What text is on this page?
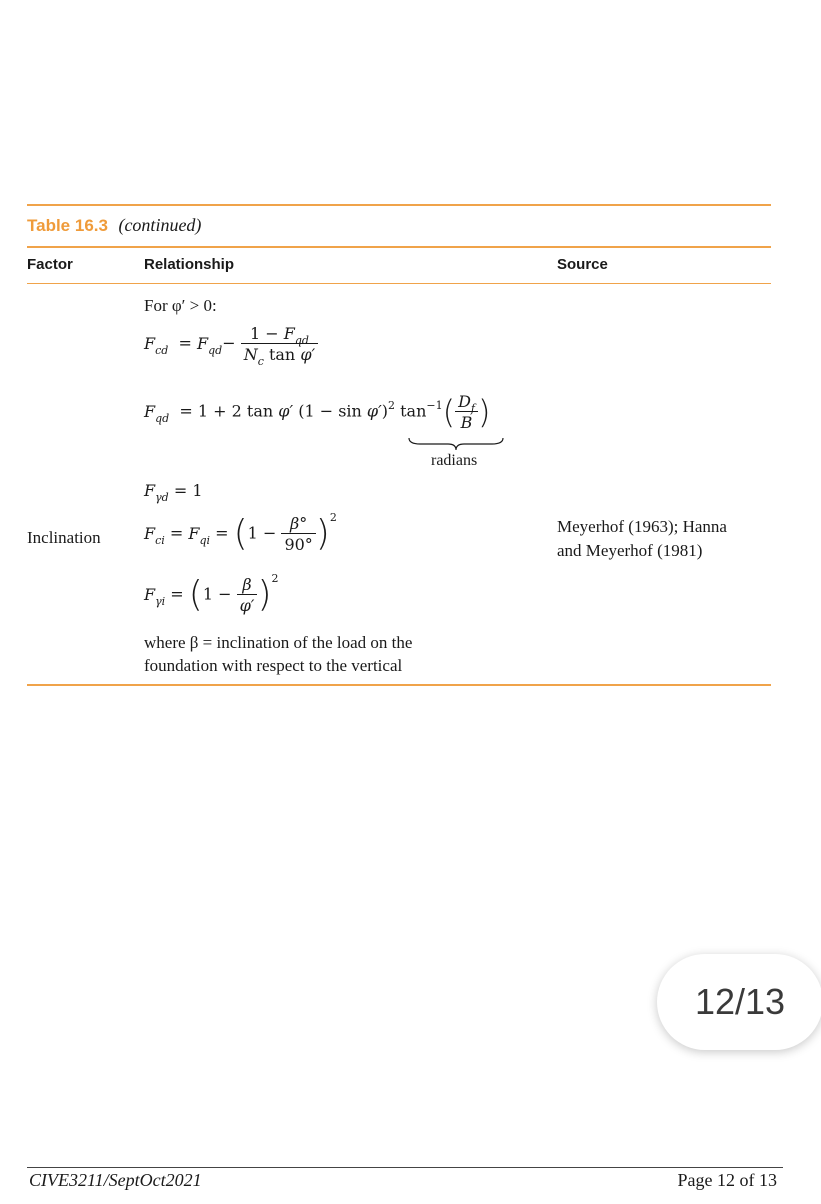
Table 16.3 (continued)
Factor	Relationship	Source
For φ′ > 0:
$F_{cd} = F_{qd}- \frac{1 - F_{qd}}{N_c \tan \varphi'}$
$F_{qd} = 1 + 2$ tan φ′ $(1 - \sin \varphi')^2$ $\tan^{-1}( \frac{D_f}{B}$ )
radians
$F_{\gamma d} = 1$
Inclination	$F_{ci} = F_{qi} = (1 - \frac{\beta^\circ}{90^\circ} )^2$	Meyerhof (1963); Hanna
and Meyerhof (1981)
$F_{\gamma i} = (1 - \frac{\beta}{\varphi'} )^2$
where β = inclination of the load on the
foundation with respect to the vertical
12/13
CIVE3211/SeptOct2021	Page 12 of 13
